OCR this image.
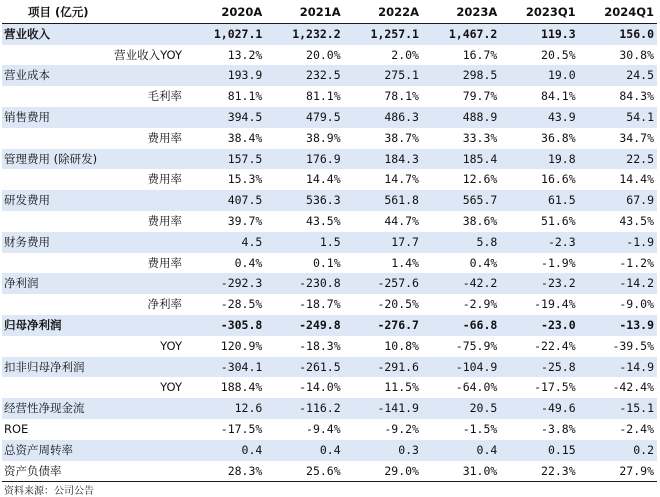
项目 (亿元)	2020A	2021A	2022A	2023A	2023Q1	2024Q1
营业收入	1,027.1	1,232.2	1,257.1	1,467.2	119.3	156.0
营业收入YOY	13.2%	20.0%	2.0%	16.7%	20.5%	30.8%
营业成本	193.9	232.5	275.1	298.5	19.0	24.5
毛利率	81.1%	81.1%	78.1%	79.7%	84.1%	84.3%
销售费用	394.5	479.5	486.3	488.9	43.9	54.1
费用率	38.4%	38.9%	38.7%	33.3%	36.8%	34.7%
管理费用 (除研发)	157.5	176.9	184.3	185.4	19.8	22.5
费用率	15.3%	14.4%	14.7%	12.6%	16.6%	14.4%
研发费用	407.5	536.3	561.8	565.7	61.5	67.9
费用率	39.7%	43.5%	44.7%	38.6%	51.6%	43.5%
财务费用	4.5	1.5	17.7	5.8	-2.3	-1.9
费用率	0.4%	0.1%	1.4%	0.4%	-1.9%	-1.2%
净利润	-292.3	-230.8	-257.6	-42.2	-23.2	-14.2
净利率	-28.5%	-18.7%	-20.5%	-2.9%	-19.4%	-9.0%
归母净利润	-305.8	-249.8	-276.7	-66.8	-23.0	-13.9
YOY	120.9%	-18.3%	10.8%	-75.9%	-22.4%	-39.5%
扣非归母净利润	-304.1	-261.5	-291.6	-104.9	-25.8	-14.9
YOY	188.4%	-14.0%	11.5%	-64.0%	-17.5%	-42.4%
经营性净现金流	12.6	-116.2	-141.9	20.5	-49.6	-15.1
ROE	-17.5%	-9.4%	-9.2%	-1.5%	-3.8%	-2.4%
总资产周转率	0.4	0.4	0.3	0.4	0.15	0.2
资产负债率	28.3%	25.6%	29.0%	31.0%	22.3%	27.9%
资料来源：公司公告
